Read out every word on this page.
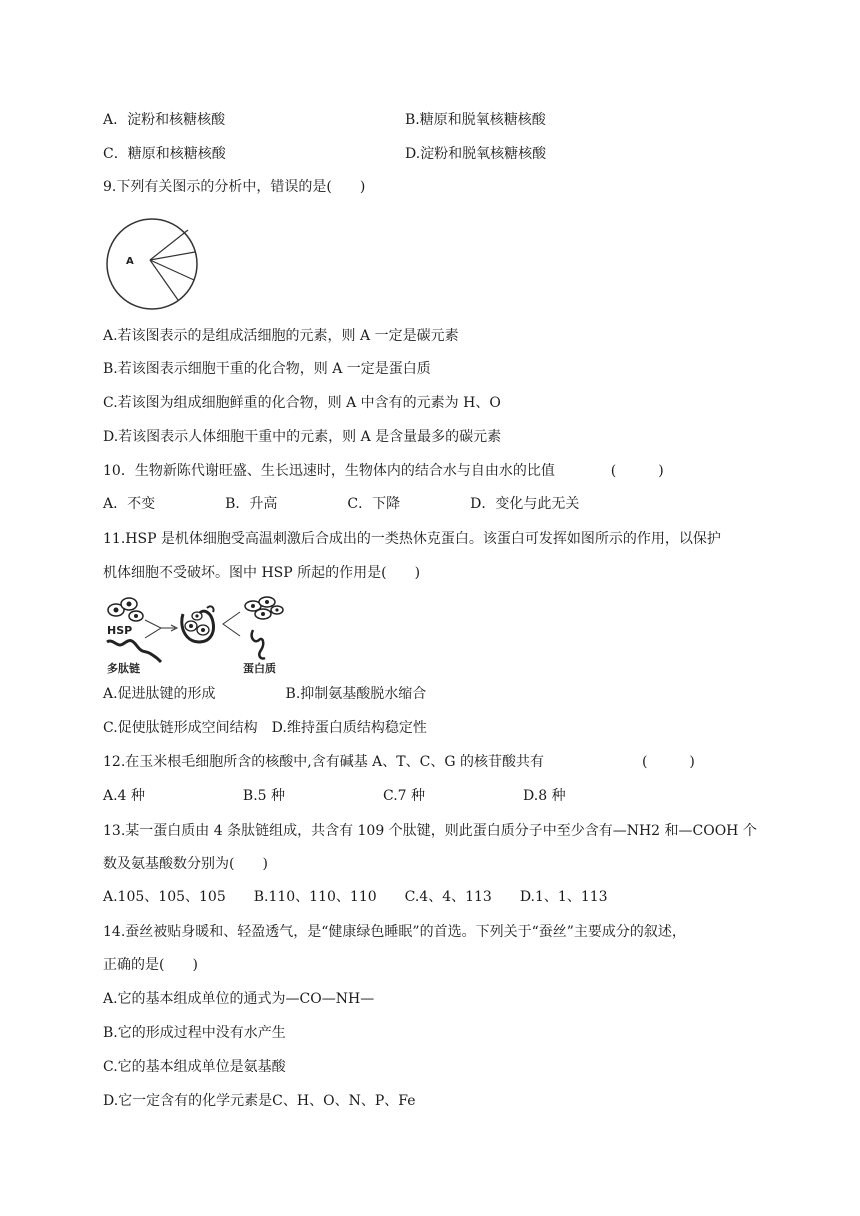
A．淀粉和核糖核酸	B.糖原和脱氧核糖核酸
C．糖原和核糖核酸	D.淀粉和脱氧核糖核酸
9.下列有关图示的分析中，错误的是(　　)
A
A.若该图表示的是组成活细胞的元素，则 A 一定是碳元素
B.若该图表示细胞干重的化合物，则 A 一定是蛋白质
C.若该图为组成细胞鲜重的化合物，则 A 中含有的元素为 H、O
D.若该图表示人体细胞干重中的元素，则 A 是含量最多的碳元素
10．生物新陈代谢旺盛、生长迅速时，生物体内的结合水与自由水的比值　　　　(　　　)
A．不变　　　　　B．升高　　　　　C．下降　　　　　D．变化与此无关
11.HSP 是机体细胞受高温刺激后合成出的一类热休克蛋白。该蛋白可发挥如图所示的作用，以保护
机体细胞不受破坏。图中 HSP 所起的作用是(　　)
HSP
多肽链	蛋白质
A.促进肽键的形成　　　　　B.抑制氨基酸脱水缩合
C.促使肽链形成空间结构　D.维持蛋白质结构稳定性
12.在玉米根毛细胞所含的核酸中,含有碱基 A、T、C、G 的核苷酸共有　　　　　　　(　　　)
A.4 种　　　　　　　B.5 种　　　　　　　C.7 种　　　　　　　D.8 种
13.某一蛋白质由 4 条肽链组成，共含有 109 个肽键，则此蛋白质分子中至少含有—NH2 和—COOH 个
数及氨基酸数分别为(　　)
A.105、105、105　　B.110、110、110　　C.4、4、113　　D.1、1、113
14.蚕丝被贴身暖和、轻盈透气，是“健康绿色睡眠”的首选。下列关于“蚕丝”主要成分的叙述，
正确的是(　　)
A.它的基本组成单位的通式为—CO—NH—
B.它的形成过程中没有水产生
C.它的基本组成单位是氨基酸
D.它一定含有的化学元素是C、H、O、N、P、Fe
